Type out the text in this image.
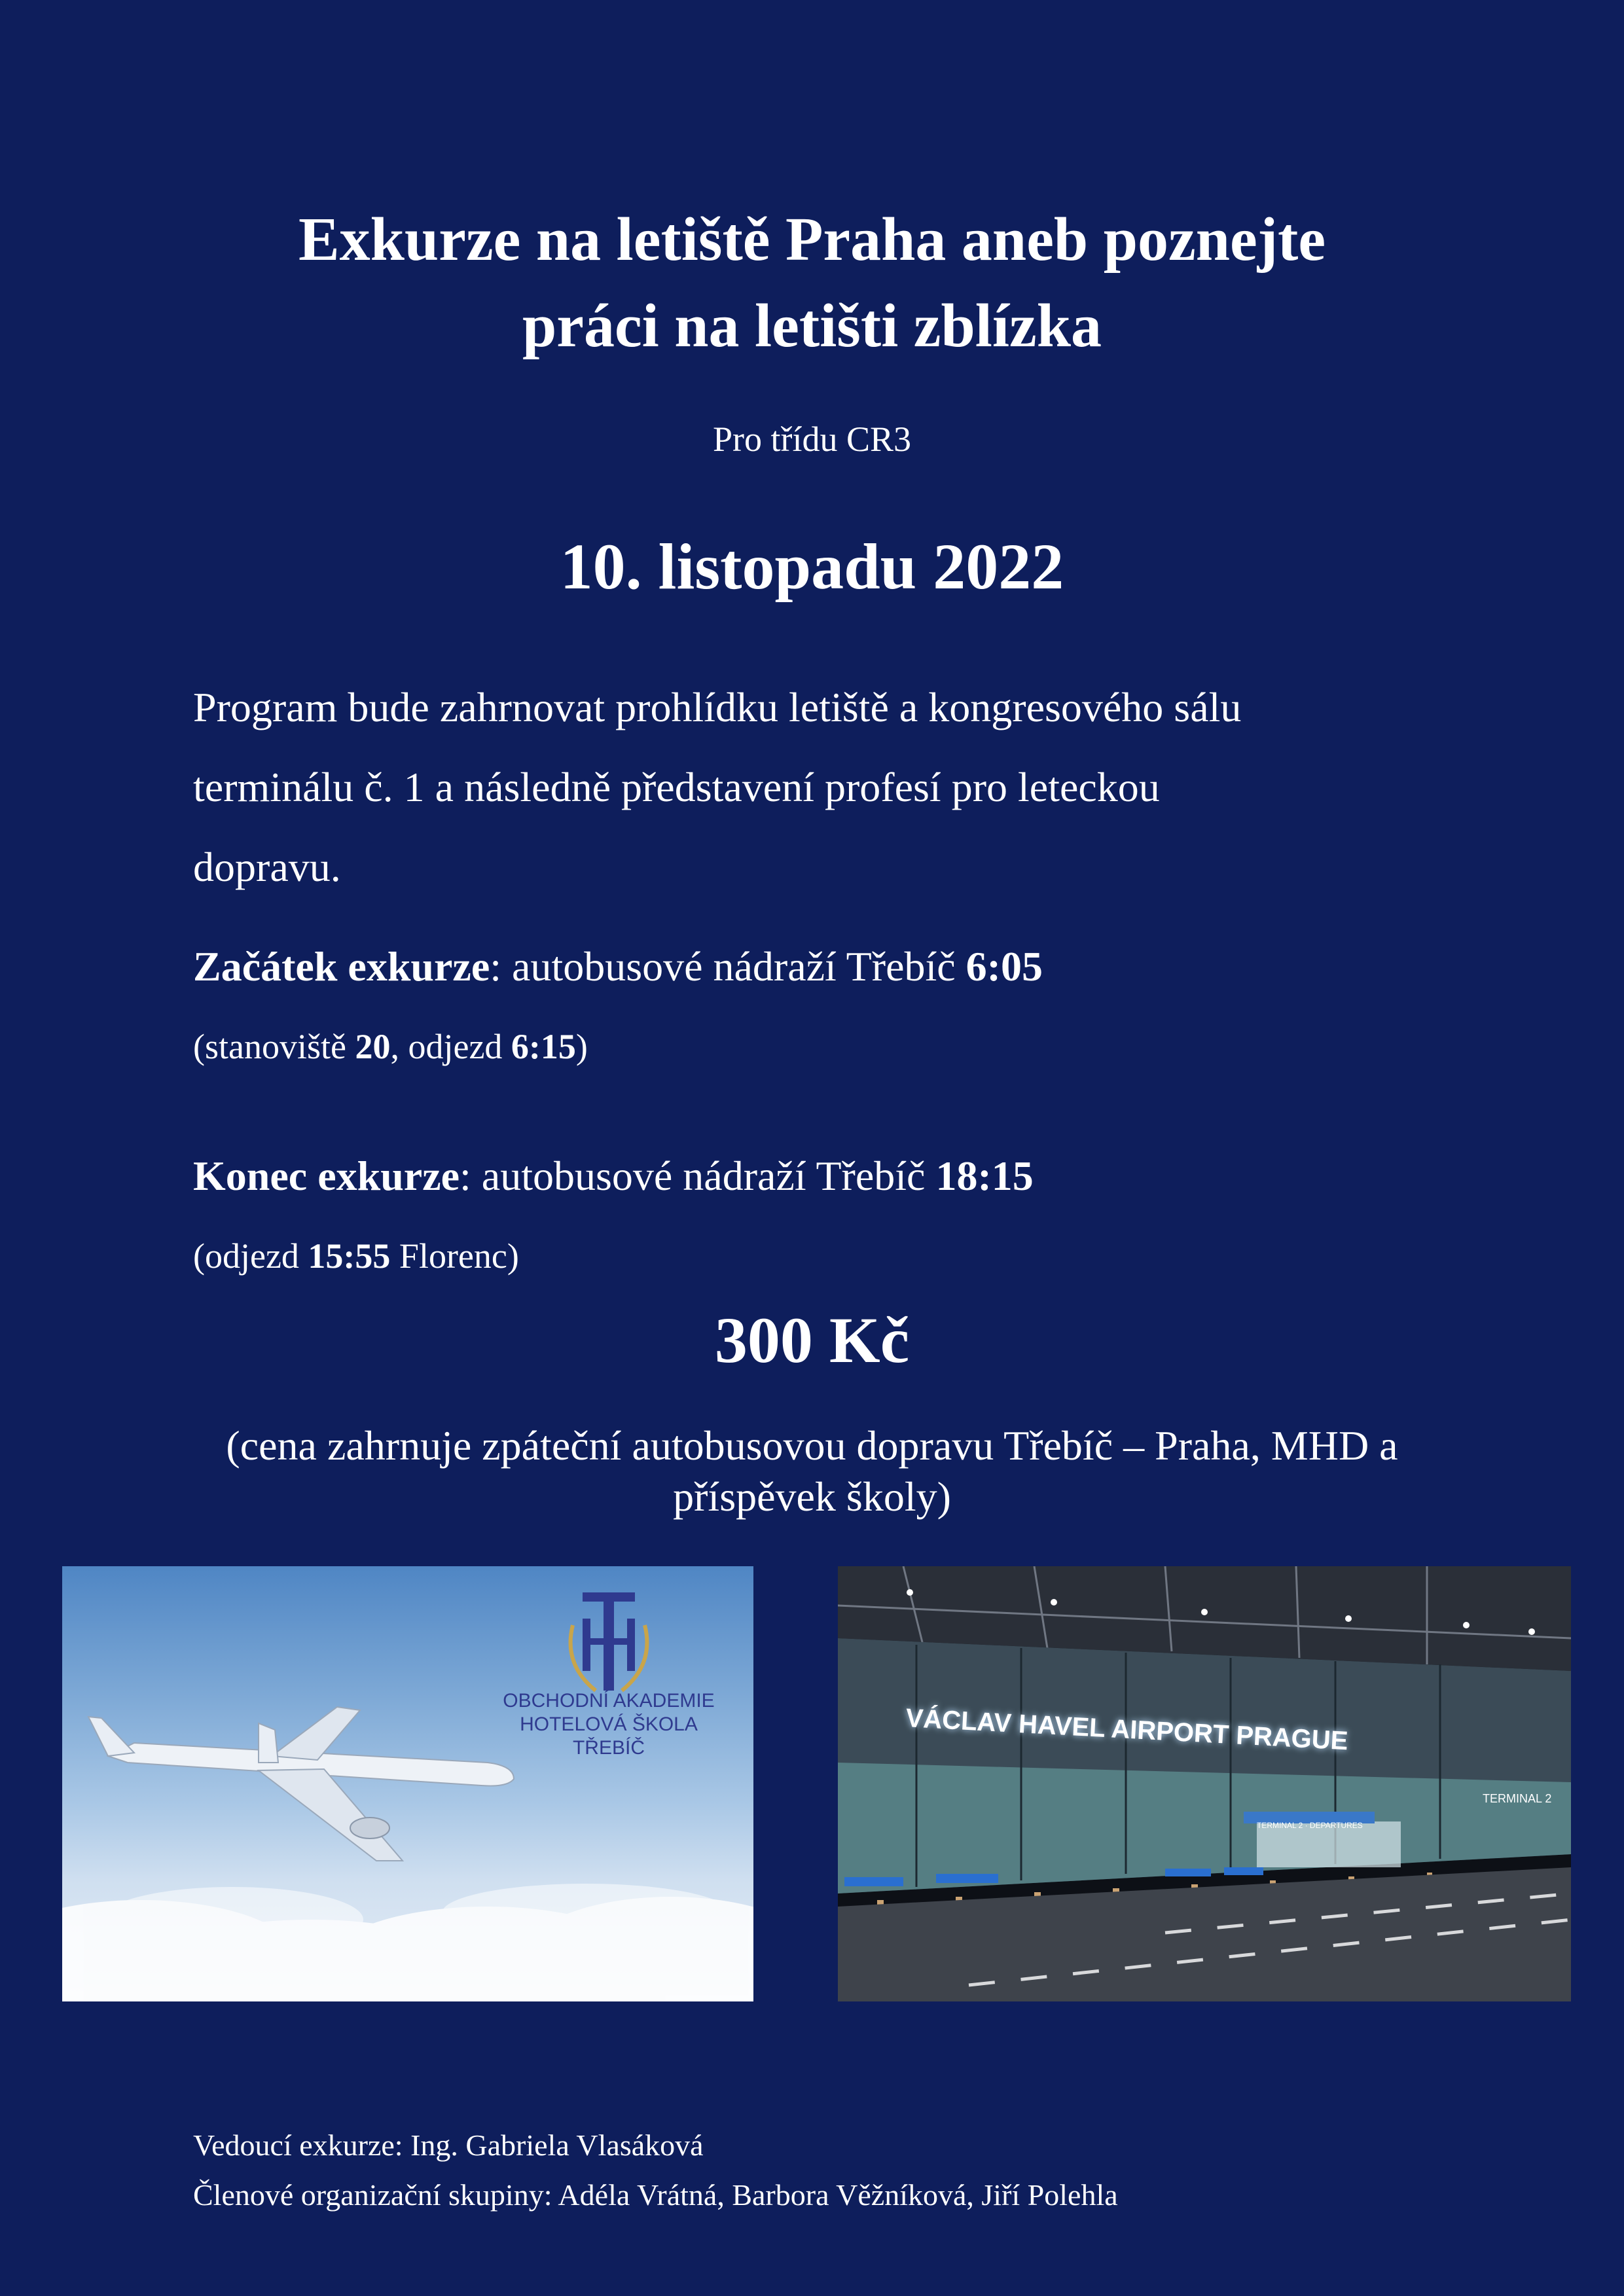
Exkurze na letiště Praha aneb poznejte
práci na letišti zblízka
Pro třídu CR3
10. listopadu 2022
Program bude zahrnovat prohlídku letiště a kongresového sálu
terminálu č. 1 a následně představení profesí pro leteckou
dopravu.
Začátek exkurze: autobusové nádraží Třebíč 6:05
(stanoviště 20, odjezd 6:15)
Konec exkurze: autobusové nádraží Třebíč 18:15
(odjezd 15:55 Florenc)
300 Kč
(cena zahrnuje zpáteční autobusovou dopravu Třebíč – Praha, MHD a
příspěvek školy)
OBCHODNÍ AKADEMIE
HOTELOVÁ ŠKOLA
TŘEBÍČ	VÁCLAV HAVEL AIRPORT PRAGUE
TERMINAL 2
TERMINAL 2 · DEPARTURES
Vedoucí exkurze: Ing. Gabriela Vlasáková
Členové organizační skupiny: Adéla Vrátná, Barbora Věžníková, Jiří Polehla
